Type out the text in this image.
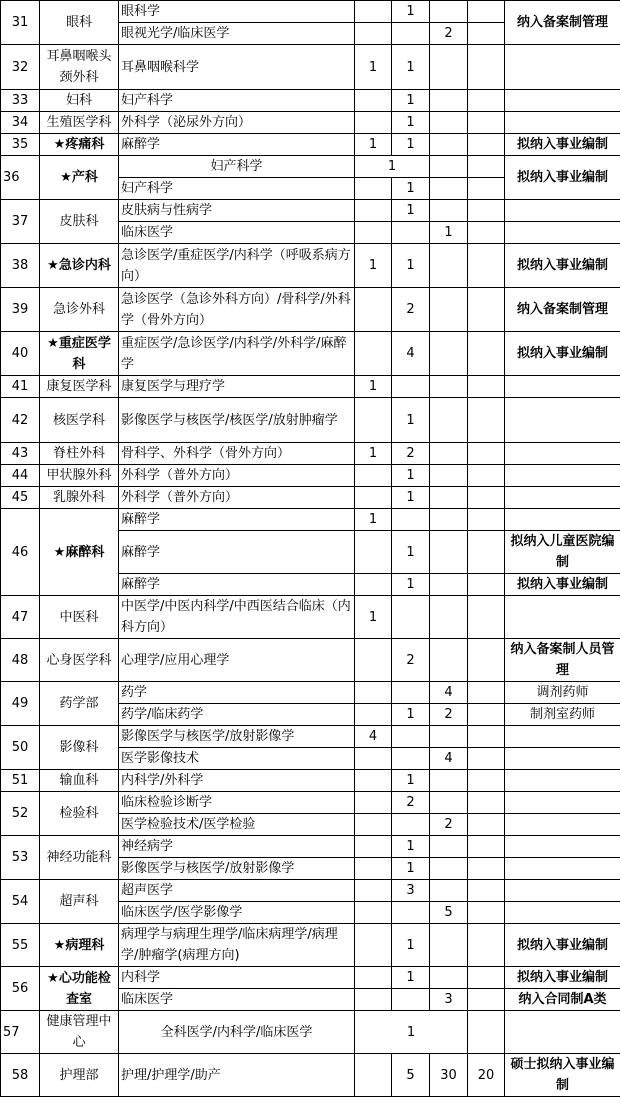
31	眼科	眼科学		1			纳入备案制管理
		眼视光学/临床医学			2		
32	耳鼻咽喉头颈外科	耳鼻咽喉科学	1	1			
33	妇科	妇产科学		1			
34	生殖医学科	外科学（泌尿外方向）		1			
35	★疼痛科	麻醉学	1	1			拟纳入事业编制
36	★产科	妇产科学	1				拟纳入事业编制
		妇产科学		1			
37	皮肤科	皮肤病与性病学		1			
		临床医学			1		
38	★急诊内科	急诊医学/重症医学/内科学（呼吸系病方向）	1	1			拟纳入事业编制
39	急诊外科	急诊医学（急诊外科方向）/骨科学/外科学（骨外方向）		2			纳入备案制管理
40	★重症医学科	重症医学/急诊医学/内科学/外科学/麻醉学		4			拟纳入事业编制
41	康复医学科	康复医学与理疗学	1				
42	核医学科	影像医学与核医学/核医学/放射肿瘤学		1			
43	脊柱外科	骨科学、外科学（骨外方向）	1	2			
44	甲状腺外科	外科学（普外方向）		1			
45	乳腺外科	外科学（普外方向）		1			
46	★麻醉科	麻醉学	1				
		麻醉学		1			拟纳入儿童医院编制
		麻醉学		1			拟纳入事业编制
47	中医科	中医学/中医内科学/中西医结合临床（内科方向）	1				
48	心身医学科	心理学/应用心理学		2			纳入备案制人员管理
49	药学部	药学			4		调剂药师
		药学/临床药学		1	2		制剂室药师
50	影像科	影像医学与核医学/放射影像学	4				
		医学影像技术			4		
51	输血科	内科学/外科学		1			
52	检验科	临床检验诊断学		2			
		医学检验技术/医学检验			2		
53	神经功能科	神经病学		1			
		影像医学与核医学/放射影像学		1			
54	超声科	超声医学		3			
		临床医学/医学影像学			5		
55	★病理科	病理学与病理生理学/临床病理学/病理学/肿瘤学(病理方向)		1			拟纳入事业编制
56	★心功能检查室	内科学		1			拟纳入事业编制
		临床医学			3		纳入合同制A类
57	健康管理中心	全科医学/内科学/临床医学	1				
58	护理部	护理/护理学/助产		5	30	20	硕士拟纳入事业编制
